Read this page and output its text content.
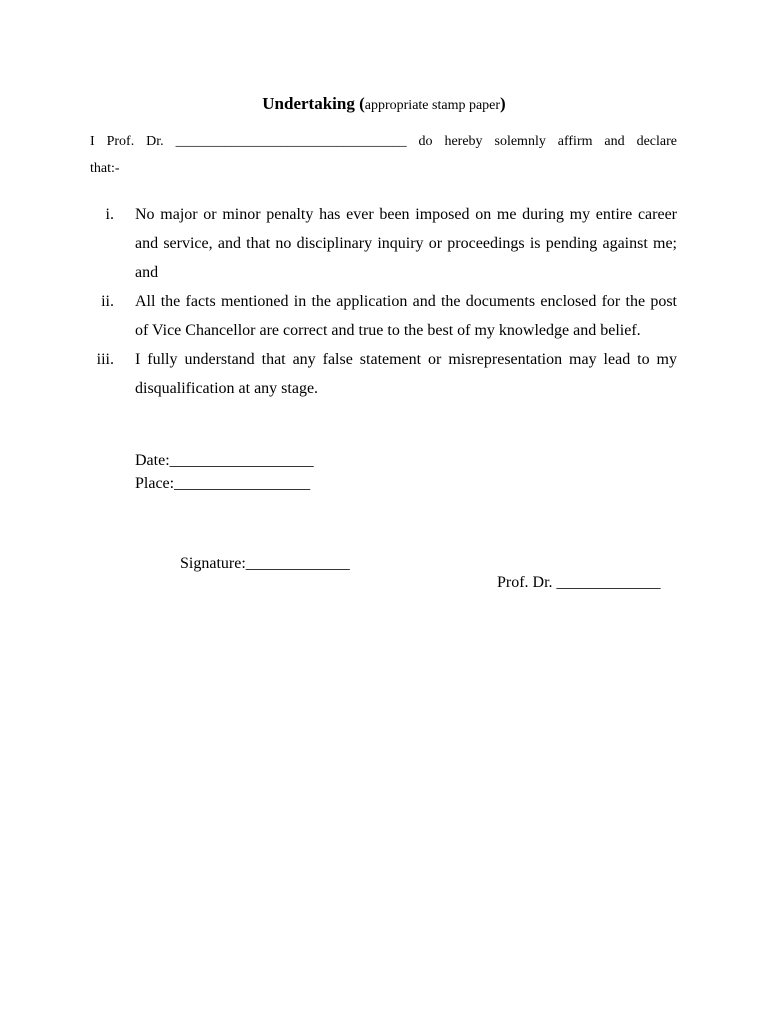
Undertaking (appropriate stamp paper)
I Prof. Dr. _________________________________ do hereby solemnly affirm and declare
that:-
i. No major or minor penalty has ever been imposed on me during my entire career and service, and that no disciplinary inquiry or proceedings is pending against me; and
ii. All the facts mentioned in the application and the documents enclosed for the post of Vice Chancellor are correct and true to the best of my knowledge and belief.
iii. I fully understand that any false statement or misrepresentation may lead to my disqualification at any stage.
Date:__________________
Place:_________________
Signature:_____________
Prof. Dr. _____________
